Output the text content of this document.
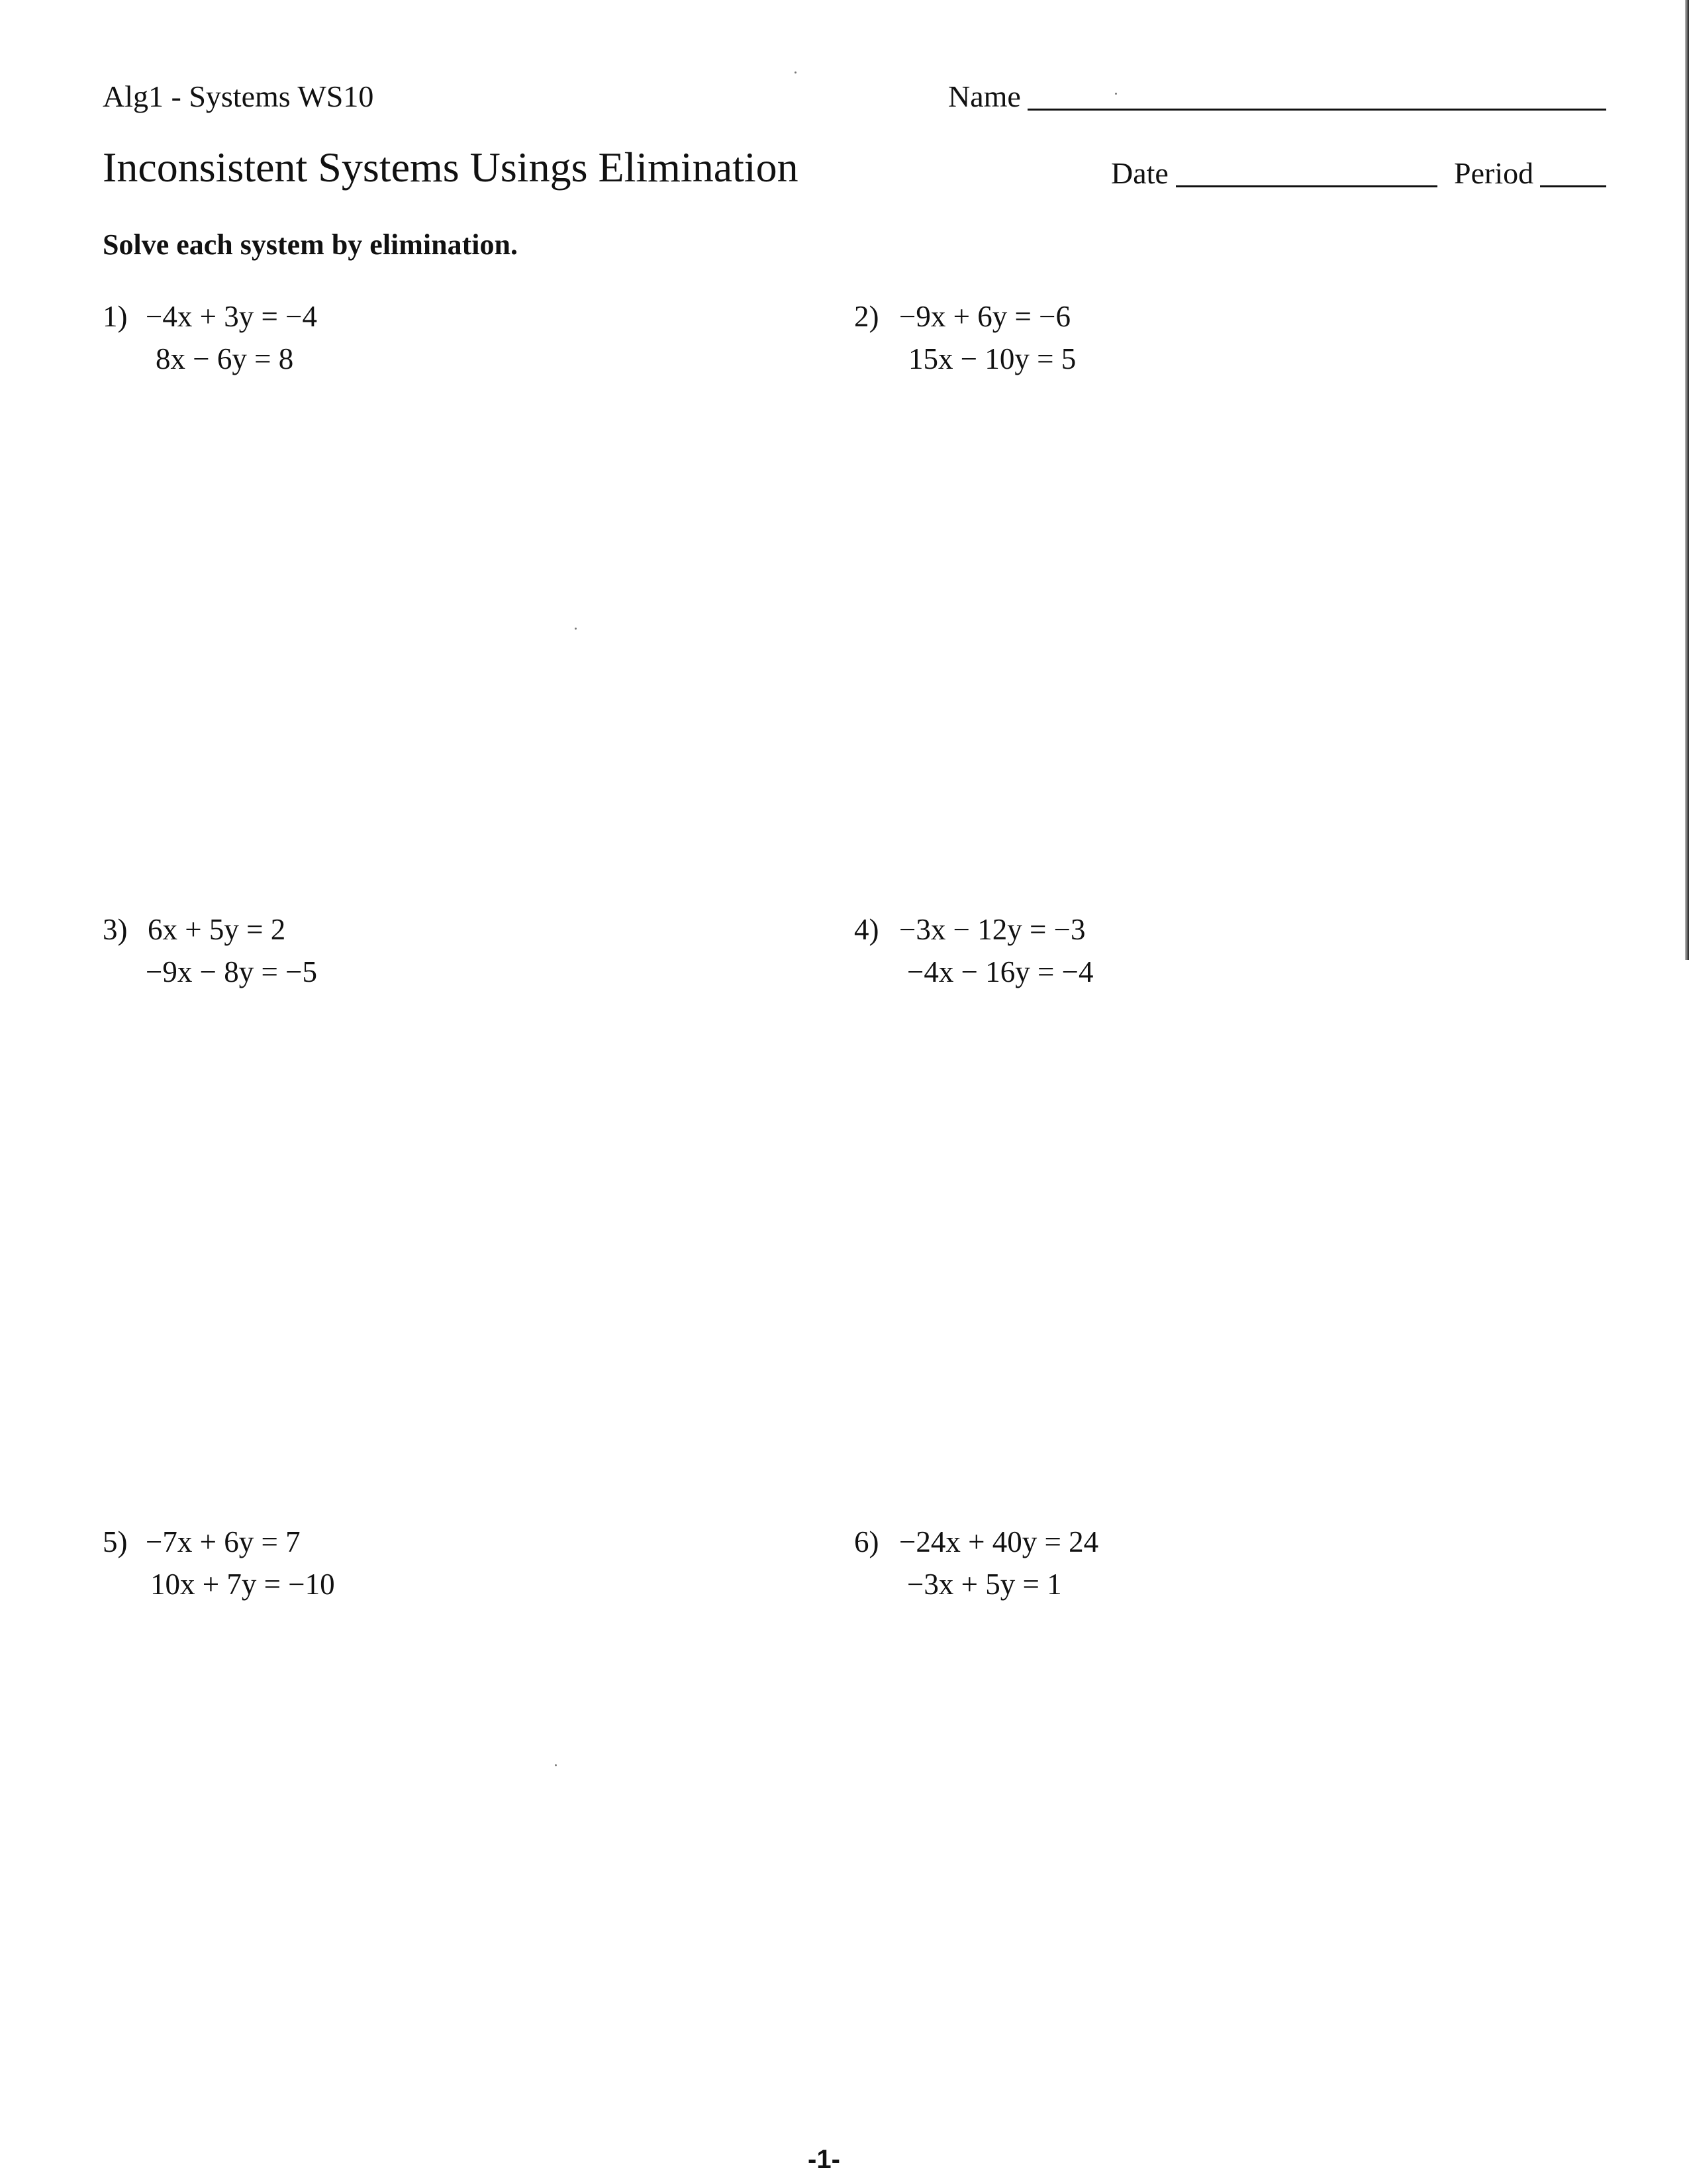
Alg1 - Systems WS10	Name
Inconsistent Systems Usings Elimination	Date	Period
Solve each system by elimination.
1) −4x + 3y = −4
8x − 6y = 8
2) −9x + 6y = −6
15x − 10y = 5
3) 6x + 5y = 2
−9x − 8y = −5
4) −3x − 12y = −3
−4x − 16y = −4
5) −7x + 6y = 7
10x + 7y = −10
6) −24x + 40y = 24
−3x + 5y = 1
-1-
